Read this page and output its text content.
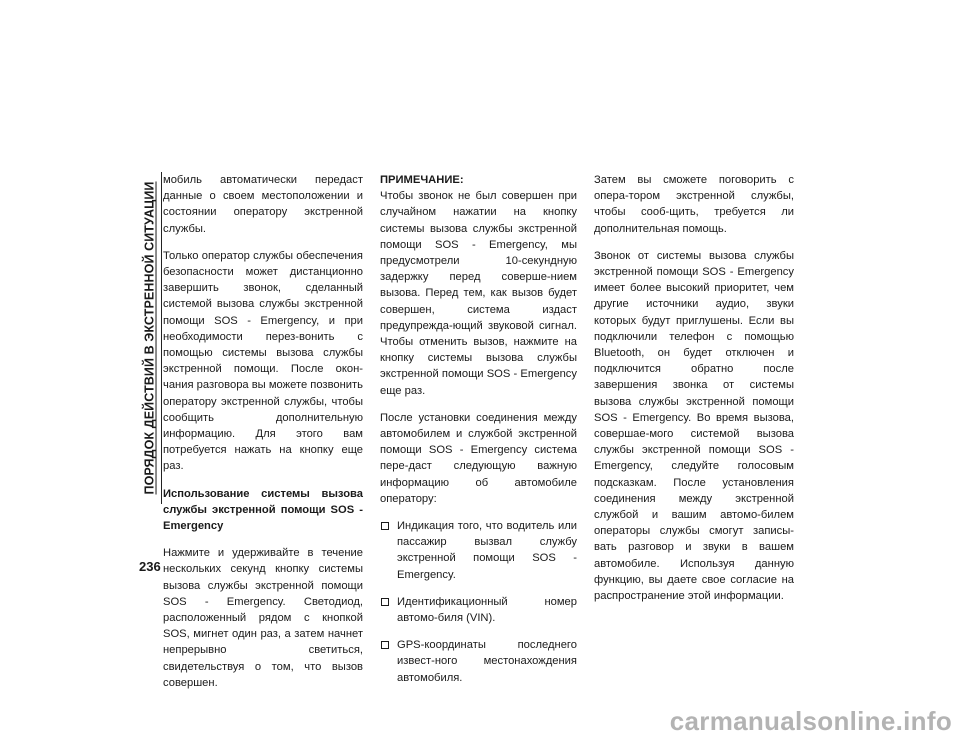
ПОРЯДОК ДЕЙСТВИЙ В ЭКСТРЕННОЙ СИТУАЦИИ

мобиль автоматически передаст данные о своем местоположении и состоянии оператору экстренной службы.

Только оператор службы обеспечения безопасности может дистанционно завершить звонок, сделанный системой вызова службы экстренной помощи SOS - Emergency, и при необходимости перез-вонить с помощью системы вызова службы экстренной помощи. После окон-чания разговора вы можете позвонить оператору экстренной службы, чтобы сообщить дополнительную информацию. Для этого вам потребуется нажать на кнопку еще раз.

Использование системы вызова службы экстренной помощи SOS - Emergency

Нажмите и удерживайте в течение нескольких секунд кнопку системы вызова службы экстренной помощи SOS - Emergency. Светодиод, расположенный рядом с кнопкой SOS, мигнет один раз, а затем начнет непрерывно светиться, свидетельствуя о том, что вызов совершен.

ПРИМЕЧАНИЕ:

Чтобы звонок не был совершен при случайном нажатии на кнопку системы вызова службы экстренной помощи SOS - Emergency, мы предусмотрели 10-секундную задержку перед соверше-нием вызова. Перед тем, как вызов будет совершен, система издаст предупрежда-ющий звуковой сигнал. Чтобы отменить вызов, нажмите на кнопку системы вызова службы экстренной помощи SOS - Emergency еще раз.

После установки соединения между автомобилем и службой экстренной помощи SOS - Emergency система пере-даст следующую важную информацию об автомобиле оператору:

Индикация того, что водитель или пассажир вызвал службу экстренной помощи SOS - Emergency.
Идентификационный номер автомо-биля (VIN).
GPS-координаты последнего извест-ного местонахождения автомобиля.

Затем вы сможете поговорить с опера-тором экстренной службы, чтобы сооб-щить, требуется ли дополнительная помощь.

Звонок от системы вызова службы экстренной помощи SOS - Emergency имеет более высокий приоритет, чем другие источники аудио, звуки которых будут приглушены. Если вы подключили телефон с помощью Bluetooth, он будет отключен и подключится обратно после завершения звонка от системы вызова службы экстренной помощи SOS - Emergency. Во время вызова, совершае-мого системой вызова службы экстренной помощи SOS - Emergency, следуйте голосовым подсказкам. После установления соединения между экстренной службой и вашим автомо-билем операторы службы смогут записы-вать разговор и звуки в вашем автомобиле. Используя данную функцию, вы даете свое согласие на распространение этой информации.

236
carmanualsonline.info
